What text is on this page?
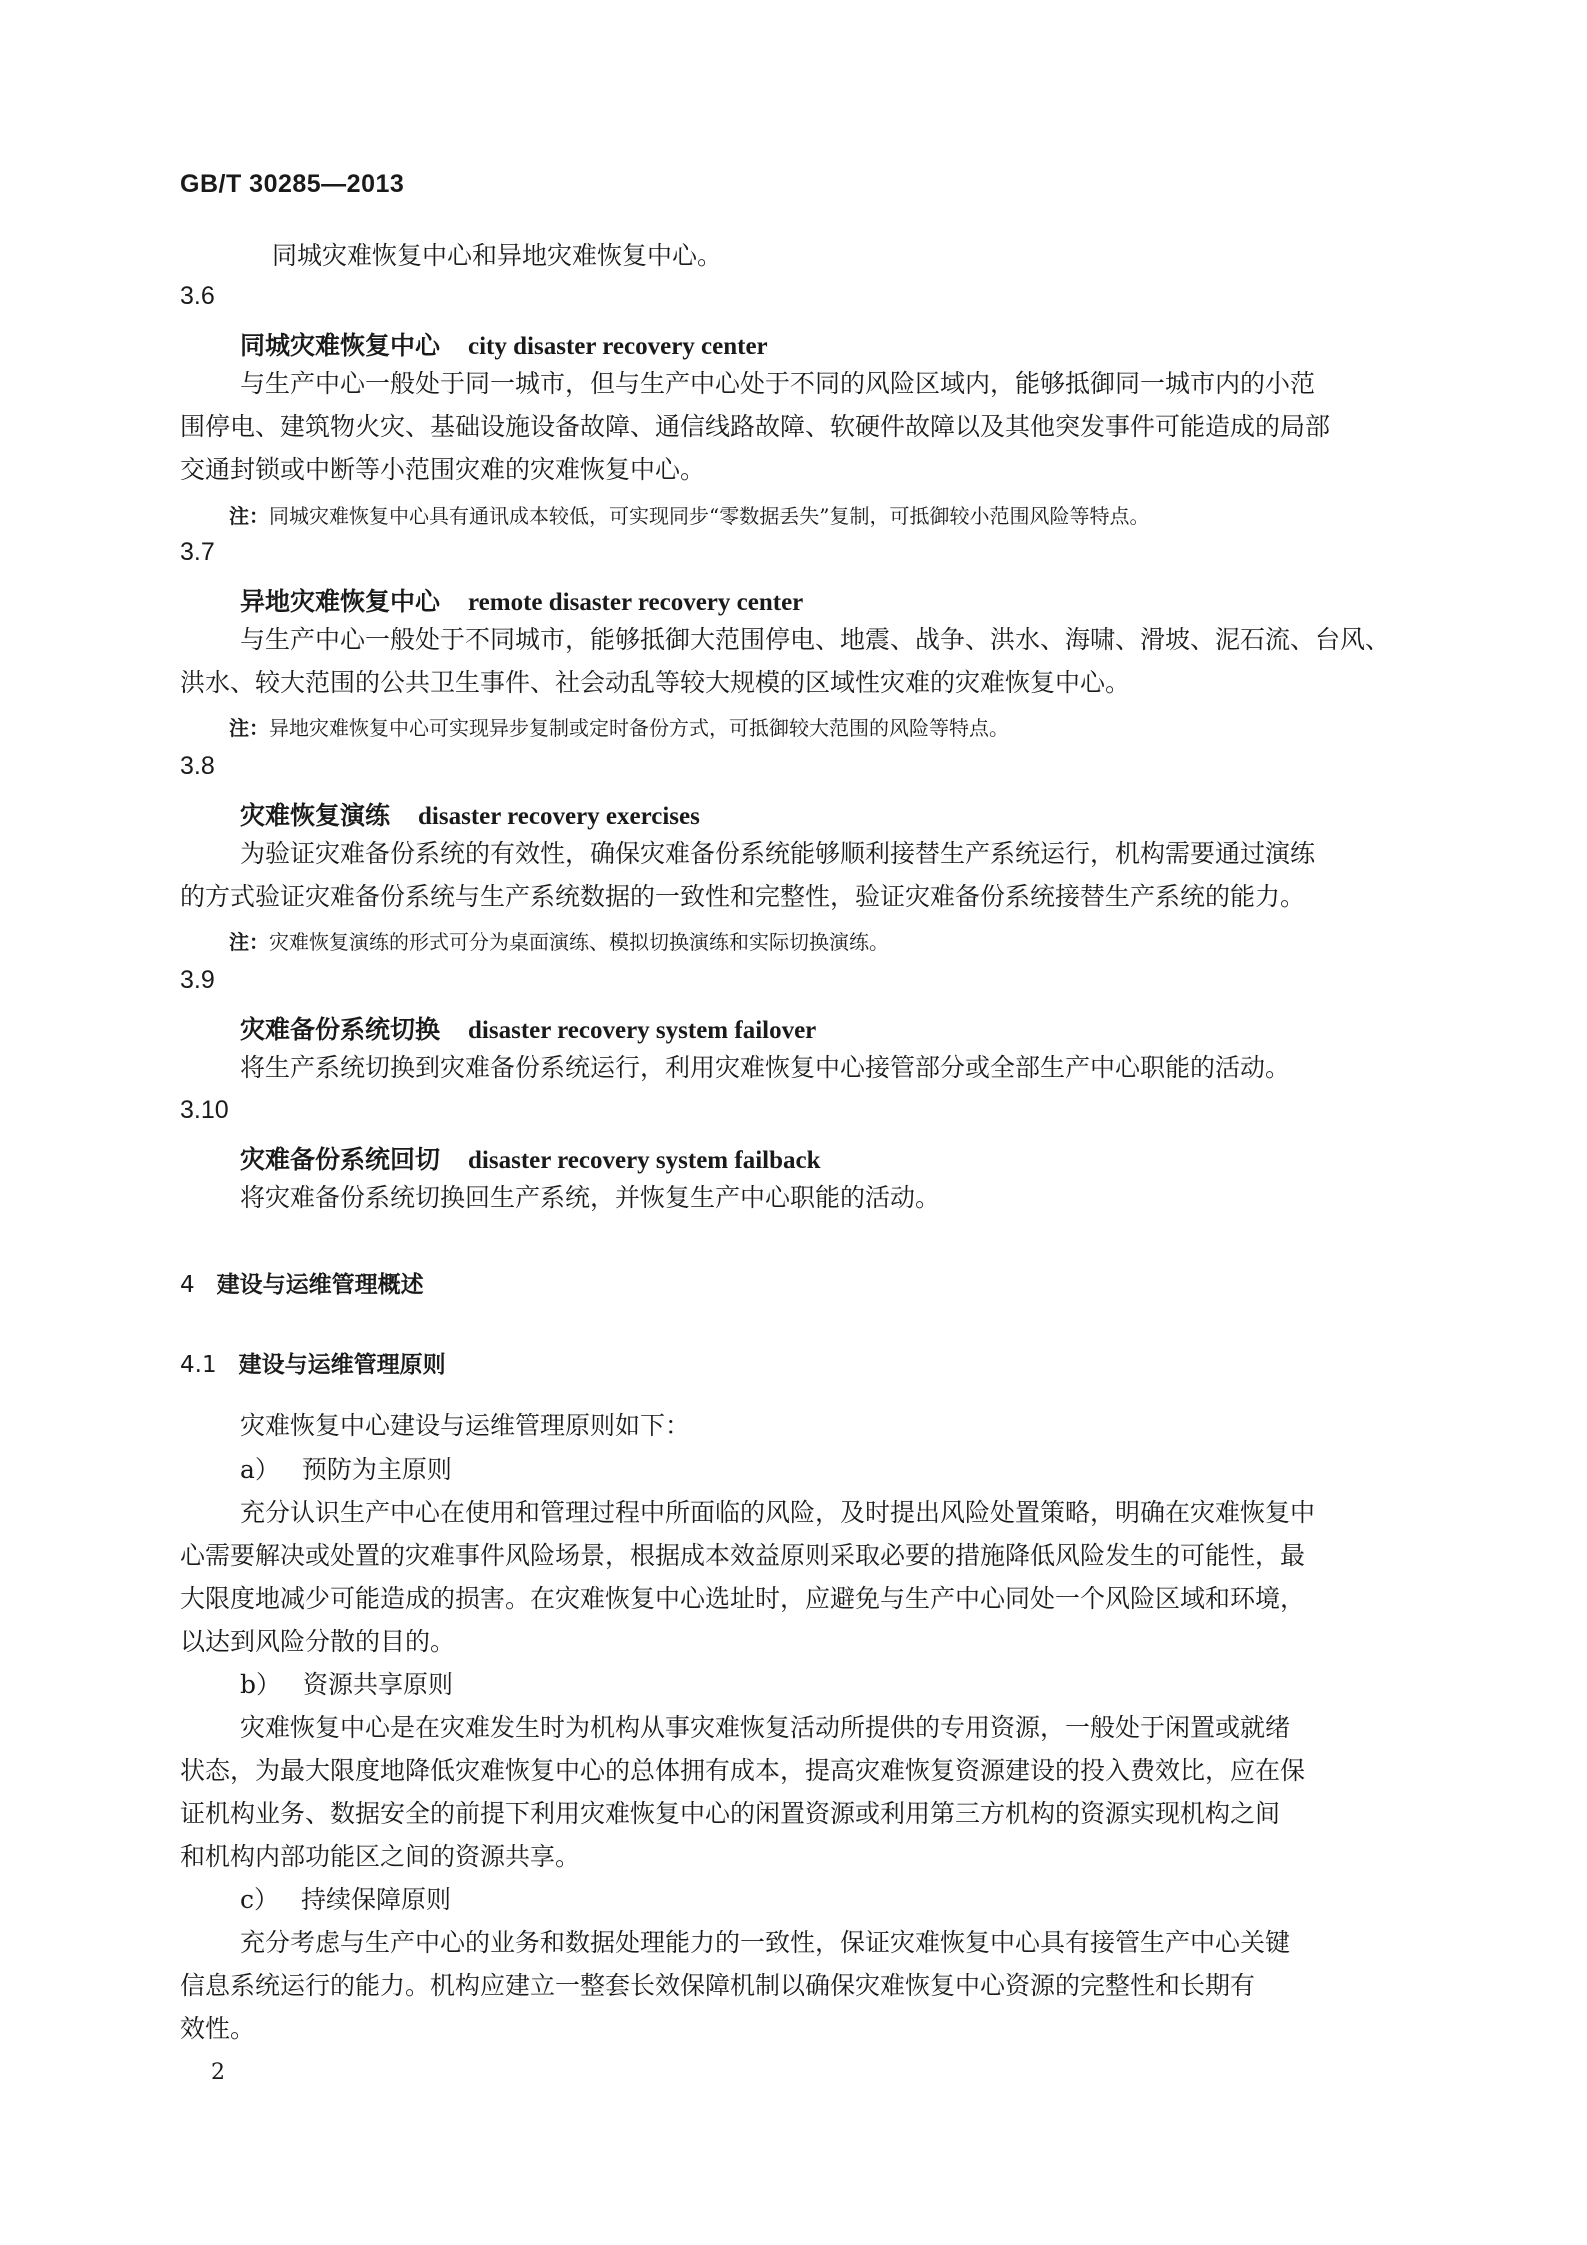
GB/T 30285—2013
同城灾难恢复中心和异地灾难恢复中心。
3.6
同城灾难恢复中心 city disaster recovery center
与生产中心一般处于同一城市，但与生产中心处于不同的风险区域内，能够抵御同一城市内的小范
围停电、建筑物火灾、基础设施设备故障、通信线路故障、软硬件故障以及其他突发事件可能造成的局部
交通封锁或中断等小范围灾难的灾难恢复中心。
注：同城灾难恢复中心具有通讯成本较低，可实现同步“零数据丢失”复制，可抵御较小范围风险等特点。
3.7
异地灾难恢复中心 remote disaster recovery center
与生产中心一般处于不同城市，能够抵御大范围停电、地震、战争、洪水、海啸、滑坡、泥石流、台风、
洪水、较大范围的公共卫生事件、社会动乱等较大规模的区域性灾难的灾难恢复中心。
注：异地灾难恢复中心可实现异步复制或定时备份方式，可抵御较大范围的风险等特点。
3.8
灾难恢复演练 disaster recovery exercises
为验证灾难备份系统的有效性，确保灾难备份系统能够顺利接替生产系统运行，机构需要通过演练
的方式验证灾难备份系统与生产系统数据的一致性和完整性，验证灾难备份系统接替生产系统的能力。
注：灾难恢复演练的形式可分为桌面演练、模拟切换演练和实际切换演练。
3.9
灾难备份系统切换 disaster recovery system failover
将生产系统切换到灾难备份系统运行，利用灾难恢复中心接管部分或全部生产中心职能的活动。
3.10
灾难备份系统回切 disaster recovery system failback
将灾难备份系统切换回生产系统，并恢复生产中心职能的活动。
4 建设与运维管理概述
4.1 建设与运维管理原则
灾难恢复中心建设与运维管理原则如下：
a） 预防为主原则
充分认识生产中心在使用和管理过程中所面临的风险，及时提出风险处置策略，明确在灾难恢复中
心需要解决或处置的灾难事件风险场景，根据成本效益原则采取必要的措施降低风险发生的可能性，最
大限度地减少可能造成的损害。在灾难恢复中心选址时，应避免与生产中心同处一个风险区域和环境，
以达到风险分散的目的。
b） 资源共享原则
灾难恢复中心是在灾难发生时为机构从事灾难恢复活动所提供的专用资源，一般处于闲置或就绪
状态，为最大限度地降低灾难恢复中心的总体拥有成本，提高灾难恢复资源建设的投入费效比，应在保
证机构业务、数据安全的前提下利用灾难恢复中心的闲置资源或利用第三方机构的资源实现机构之间
和机构内部功能区之间的资源共享。
c） 持续保障原则
充分考虑与生产中心的业务和数据处理能力的一致性，保证灾难恢复中心具有接管生产中心关键
信息系统运行的能力。机构应建立一整套长效保障机制以确保灾难恢复中心资源的完整性和长期有
效性。
2
